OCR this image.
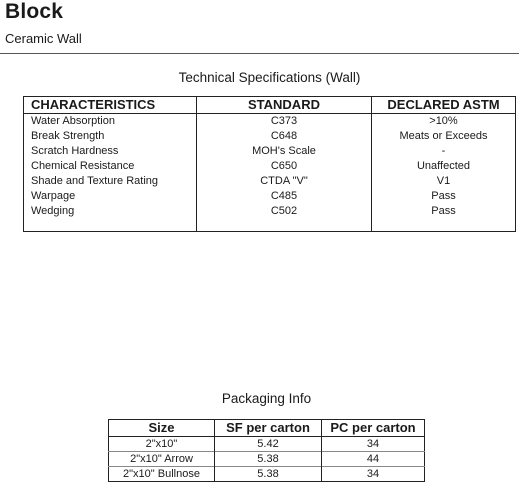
Block
Ceramic Wall
Technical Specifications (Wall)
CHARACTERISTICS	STANDARD	DECLARED ASTM
Water Absorption	C373	>10%
Break Strength	C648	Meats or Exceeds
Scratch Hardness	MOH's Scale	-
Chemical Resistance	C650	Unaffected
Shade and Texture Rating	CTDA "V"	V1
Warpage	C485	Pass
Wedging	C502	Pass
Packaging Info
Size	SF per carton	PC per carton
2"x10"	5.42	34
2"x10" Arrow	5.38	44
2"x10" Bullnose	5.38	34
